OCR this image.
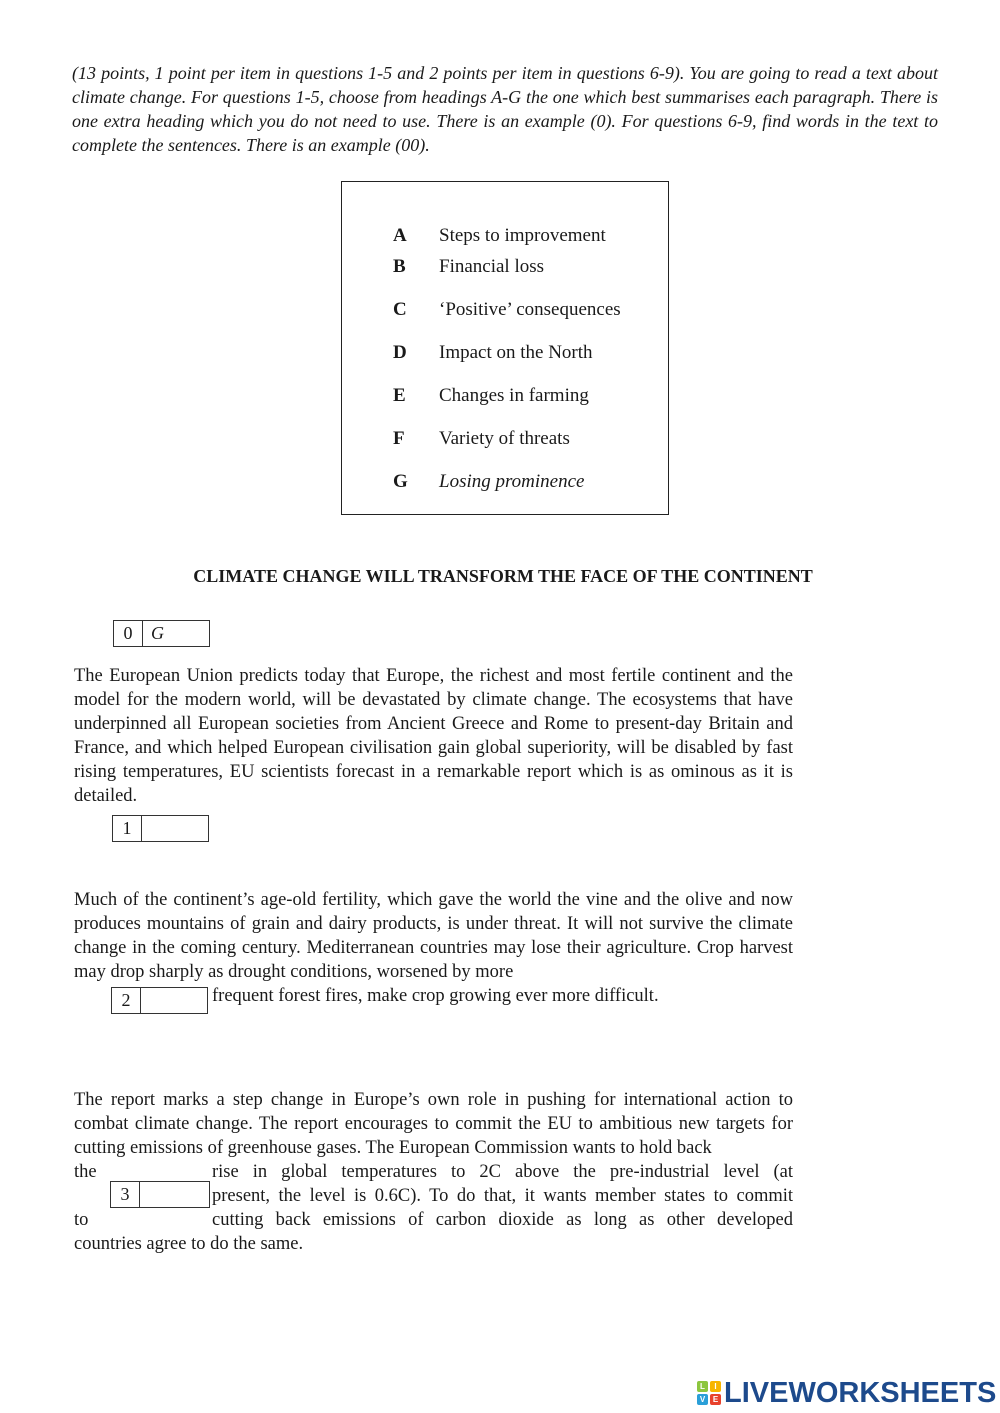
(13 points, 1 point per item in questions 1-5 and 2 points per item in questions 6-9). You are going to read a text about climate change. For questions 1-5, choose from headings A-G the one which best summarises each paragraph. There is one extra heading which you do not need to use. There is an example (0). For questions 6-9, find words in the text to complete the sentences. There is an example (00).
A	Steps to improvement
B	Financial loss
C	‘Positive’ consequences
D	Impact on the North
E	Changes in farming
F	Variety of threats
G	Losing prominence
CLIMATE CHANGE WILL TRANSFORM THE FACE OF THE CONTINENT
0	G
The European Union predicts today that Europe, the richest and most fertile continent and the model for the modern world, will be devastated by climate change. The ecosystems that have underpinned all European societies from Ancient Greece and Rome to present-day Britain and France, and which helped European civilisation gain global superiority, will be disabled by fast rising temperatures, EU scientists forecast in a remarkable report which is as ominous as it is detailed.
1
Much of the continent’s age-old fertility, which gave the world the vine and the olive and now produces mountains of grain and dairy products, is under threat. It will not survive the climate change in the coming century. Mediterranean countries may lose their agriculture. Crop harvest may drop sharply as drought conditions, worsened by more
2	frequent forest fires, make crop growing ever more difficult.
The report marks a step change in Europe’s own role in pushing for international action to combat climate change. The report encourages to commit the EU to ambitious new targets for cutting emissions of greenhouse gases. The European Commission wants to hold back
the	rise in global temperatures to 2C above the pre-industrial level (at
3	present, the level is 0.6C). To do that, it wants member states to commit
to	cutting back emissions of carbon dioxide as long as other developed
countries agree to do the same.
L	I
V E LIVEWORKSHEETS
